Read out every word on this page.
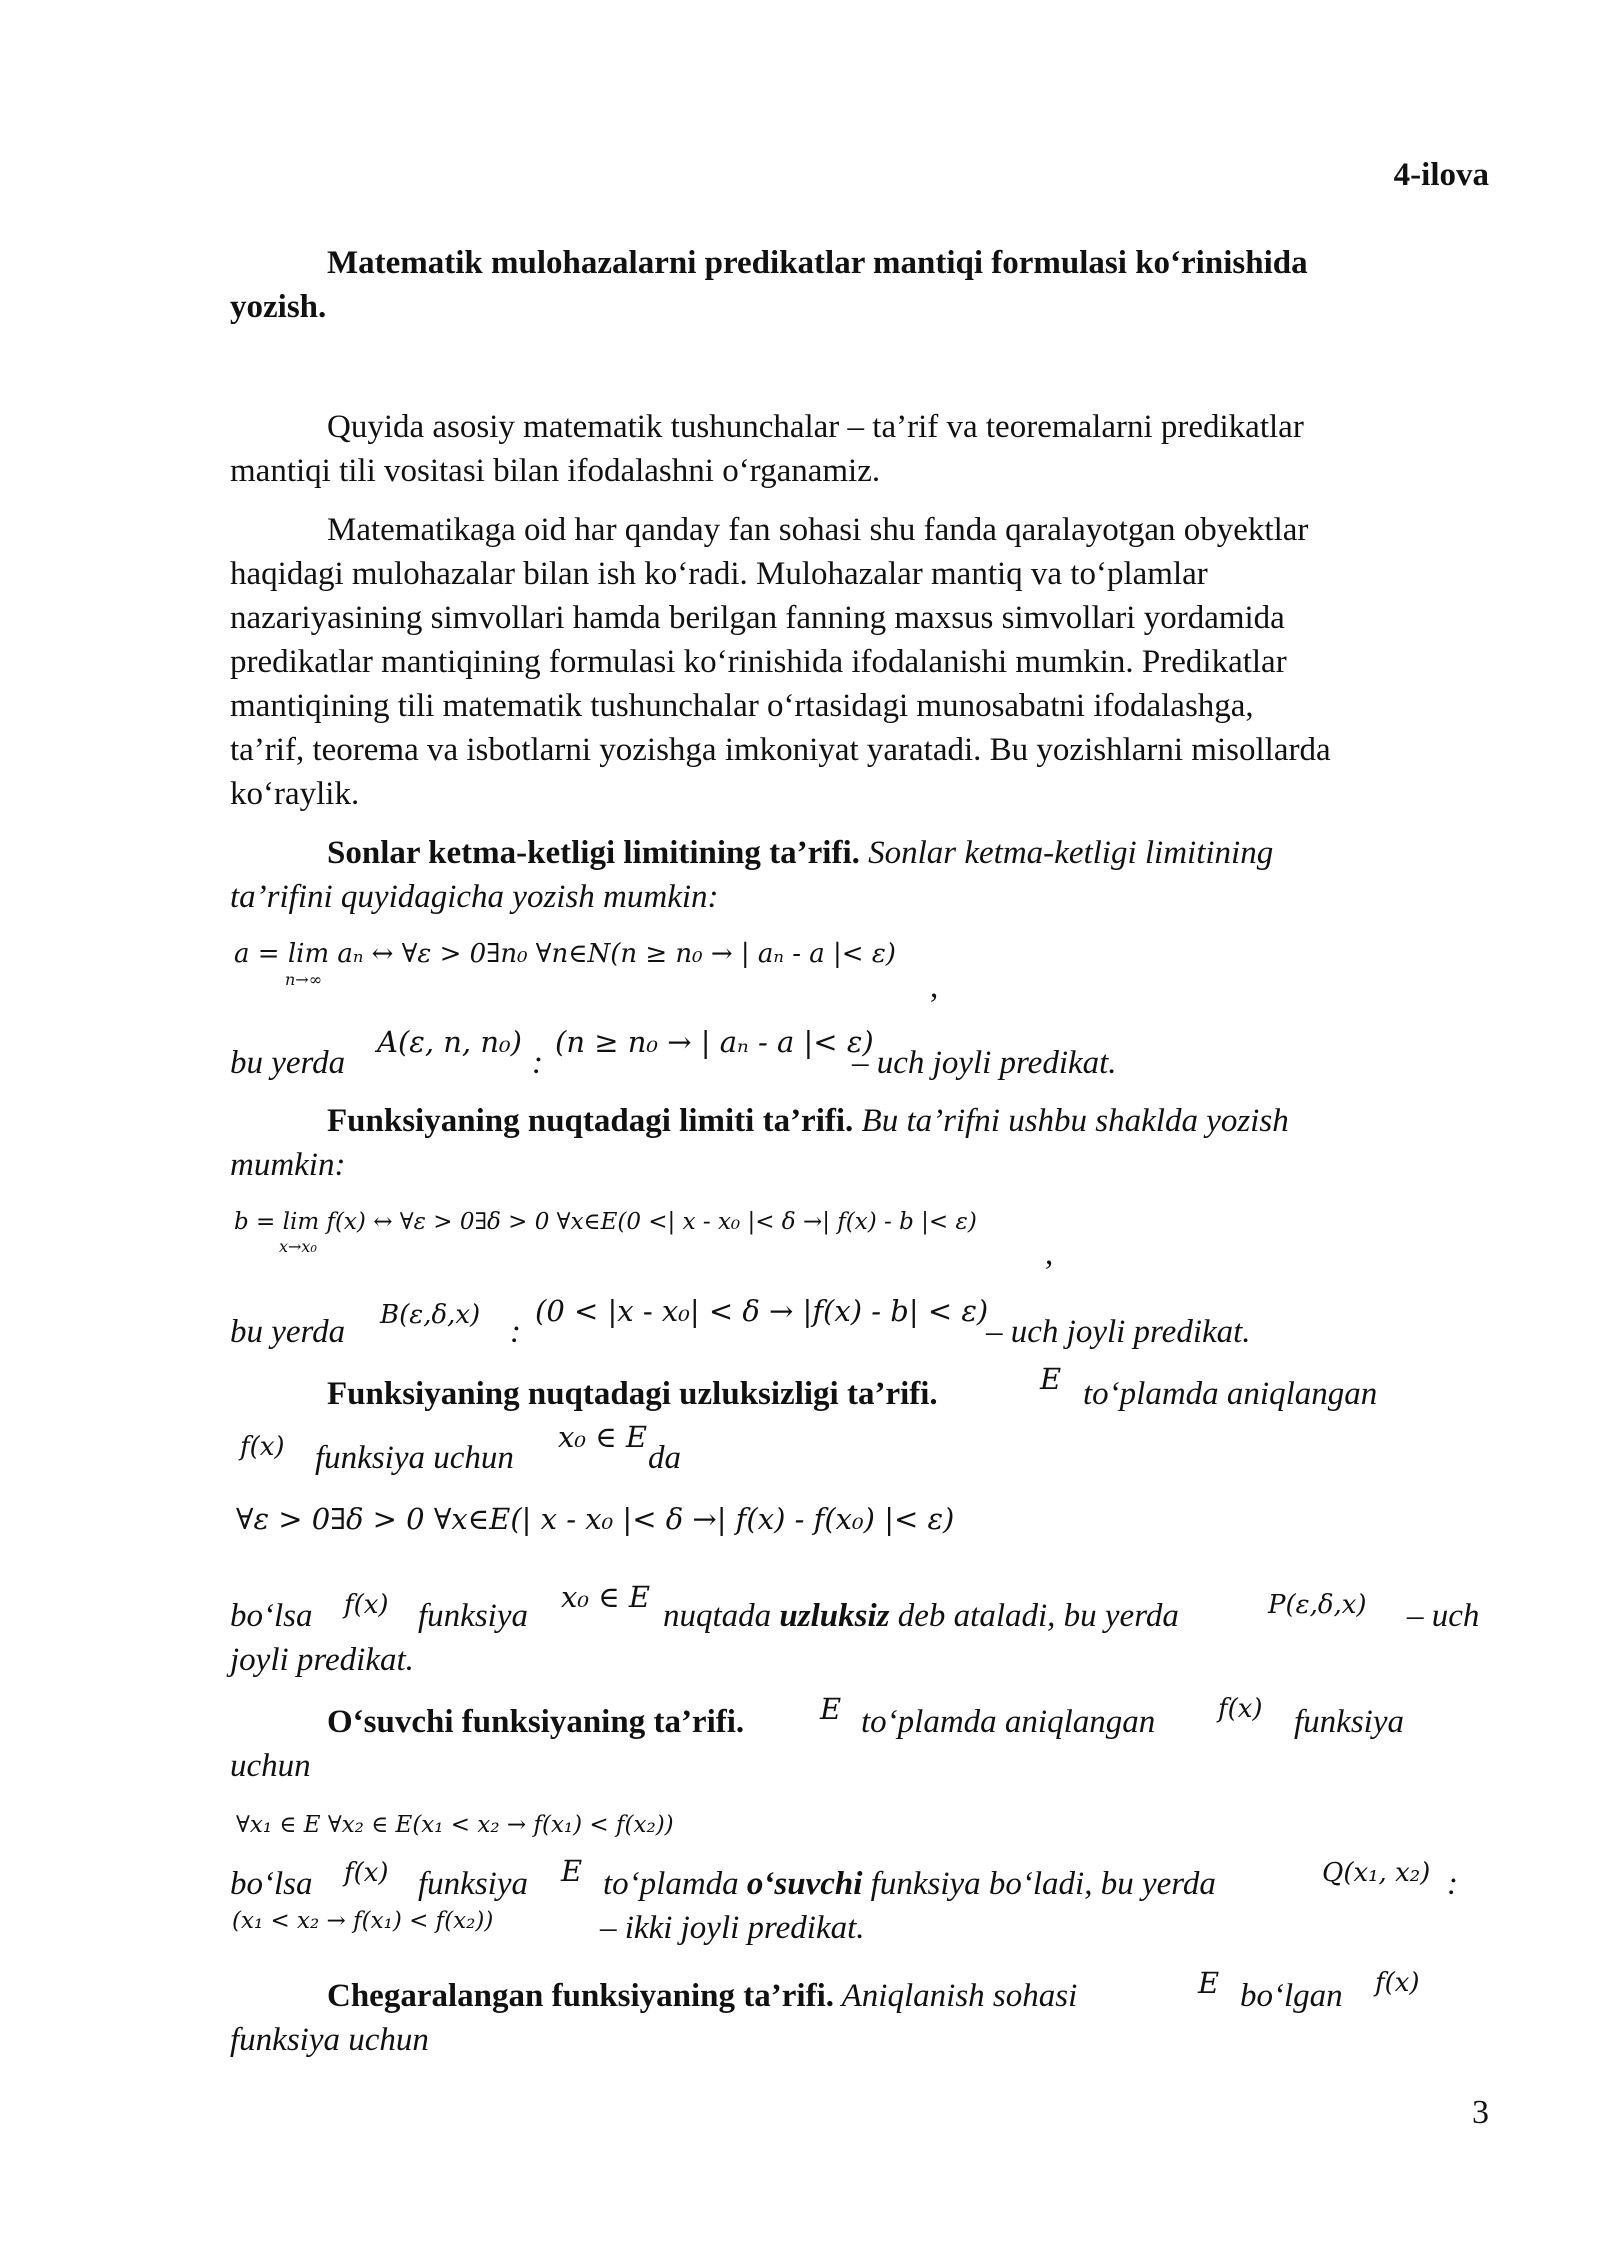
4-ilova
Matematik mulohazalarni predikatlar mantiqi formulasi ko‘rinishida
yozish.
Quyida asosiy matematik tushunchalar – ta’rif va teoremalarni predikatlar
mantiqi tili vositasi bilan ifodalashni o‘rganamiz.
Matematikaga oid har qanday fan sohasi shu fanda qaralayotgan obyektlar
haqidagi mulohazalar bilan ish ko‘radi. Mulohazalar mantiq va to‘plamlar
nazariyasining simvollari hamda berilgan fanning maxsus simvollari yordamida
predikatlar mantiqining formulasi ko‘rinishida ifodalanishi mumkin. Predikatlar
mantiqining tili matematik tushunchalar o‘rtasidagi munosabatni ifodalashga,
ta’rif, teorema va isbotlarni yozishga imkoniyat yaratadi. Bu yozishlarni misollarda
ko‘raylik.
Sonlar ketma-ketligi limitining ta’rifi. Sonlar ketma-ketligi limitining
ta’rifini quyidagicha yozish mumkin:
a = lim aₙ ↔ ∀ε > 0∃n₀ ∀n∈N(n ≥ n₀ → | aₙ - a |< ε)
n→∞	,
bu yerda
A(ε, n, n₀)
:
(n ≥ n₀ → | aₙ - a |< ε)
– uch joyli predikat.
Funksiyaning nuqtadagi limiti ta’rifi. Bu ta’rifni ushbu shaklda yozish
mumkin:
b = lim f(x) ↔ ∀ε > 0∃δ > 0 ∀x∈E(0 <| x - x₀ |< δ →| f(x) - b |< ε)
x→x₀	,
bu yerda B(ε,δ,x) :
(0 < |x - x₀| < δ → |f(x) - b| < ε)
– uch joyli predikat.
Funksiyaning nuqtadagi uzluksizligi ta’rifi.	E to‘plamda aniqlangan
f(x) funksiya uchun
x₀ ∈ E
da
∀ε > 0∃δ > 0 ∀x∈E(| x - x₀ |< δ →| f(x) - f(x₀) |< ε)
bo‘lsa f(x) funksiya
x₀ ∈ E
nuqtada uzluksiz deb ataladi, bu yerda	P(ε,δ,x) – uch
joyli predikat.
O‘suvchi funksiyaning ta’rifi.	E to‘plamda aniqlangan f(x) funksiya
uchun
∀x₁ ∈ E ∀x₂ ∈ E(x₁ < x₂ → f(x₁) < f(x₂))
bo‘lsa f(x) funksiya E to‘plamda o‘suvchi funksiya bo‘ladi, bu yerda	Q(x₁, x₂) :
(x₁ < x₂ → f(x₁) < f(x₂))	– ikki joyli predikat.
Chegaralangan funksiyaning ta’rifi. Aniqlanish sohasi	E bo‘lgan f(x)
funksiya uchun
3
